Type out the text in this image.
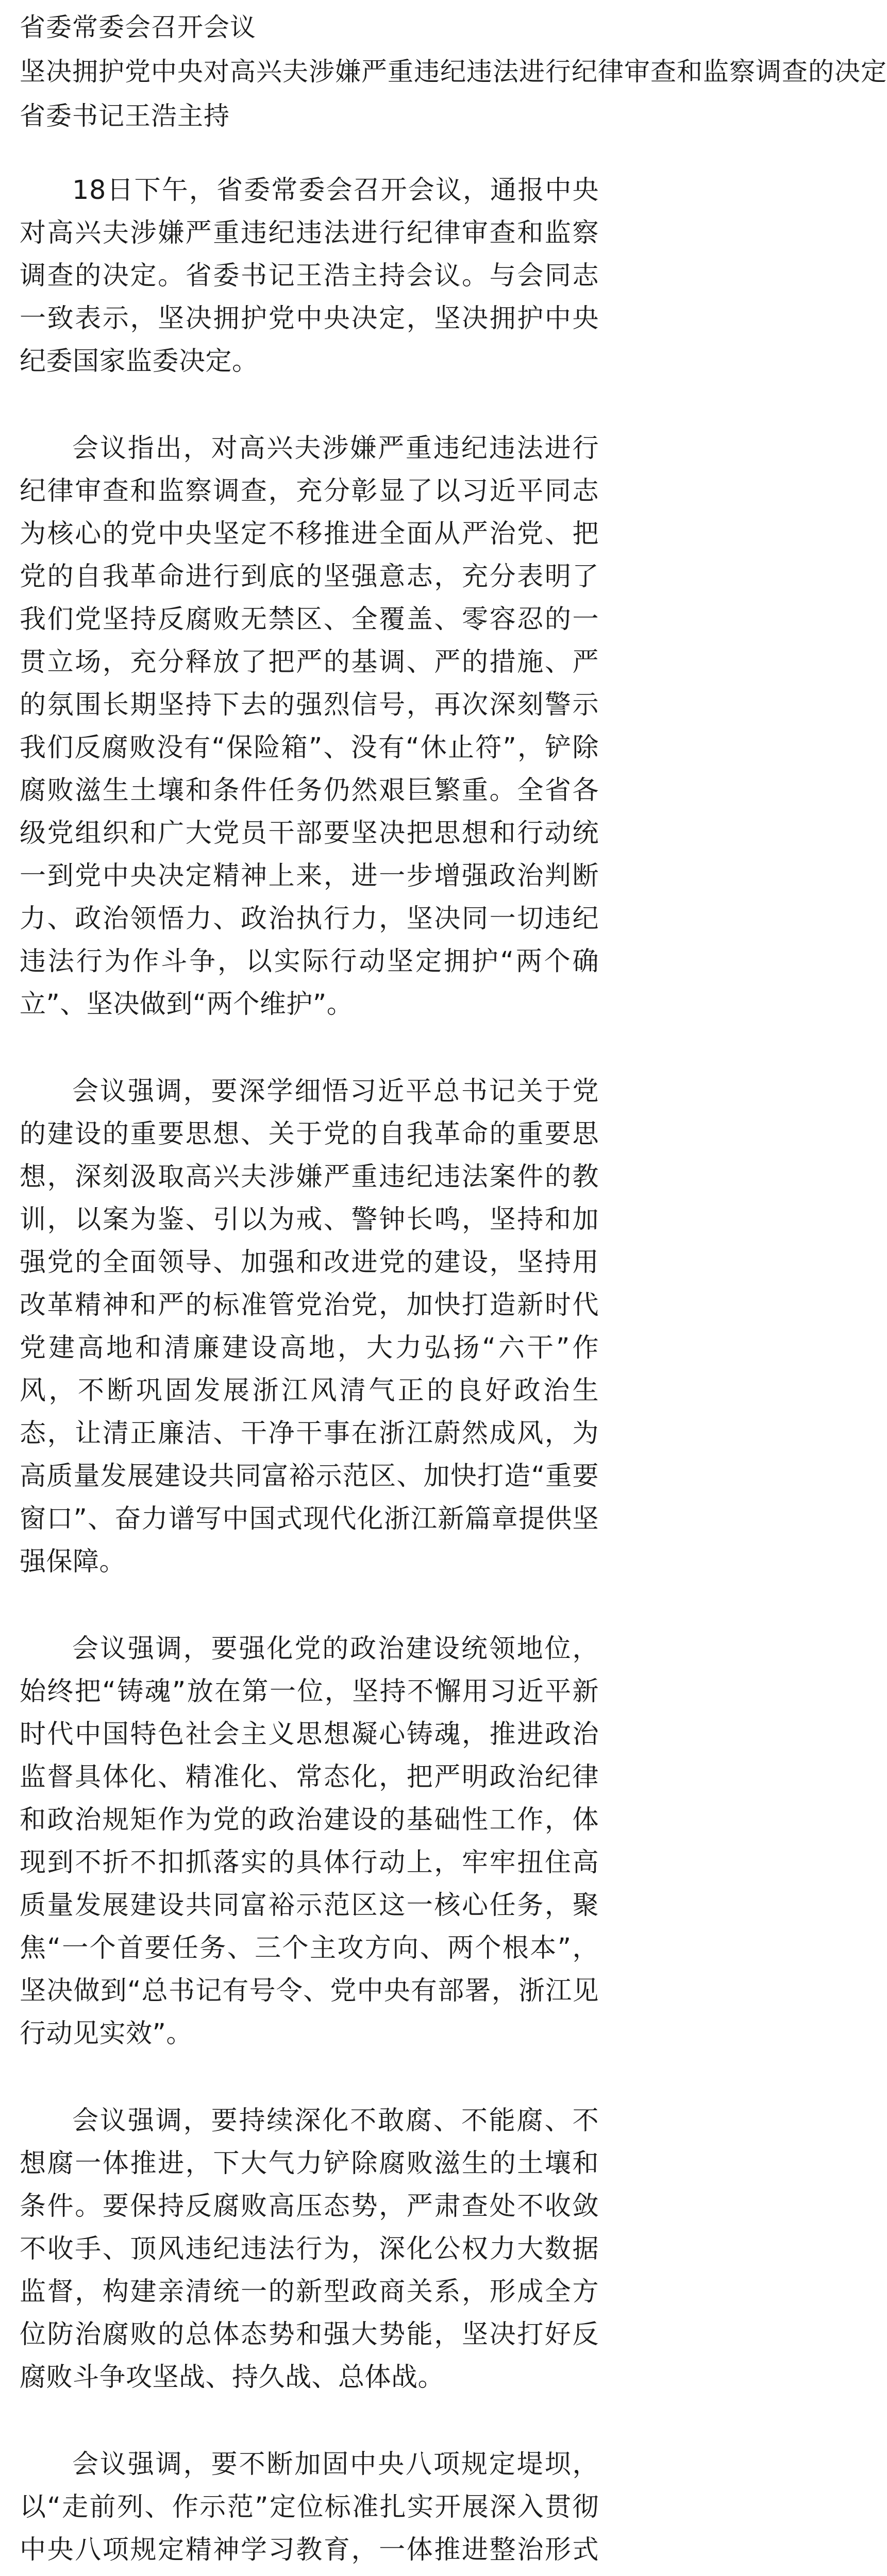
省委常委会召开会议
坚决拥护党中央对高兴夫涉嫌严重违纪违法进行纪律审查和监察调查的决定
省委书记王浩主持

18日下午，省委常委会召开会议，通报中央对高兴夫涉嫌严重违纪违法进行纪律审查和监察调查的决定。省委书记王浩主持会议。与会同志一致表示，坚决拥护党中央决定，坚决拥护中央纪委国家监委决定。

会议指出，对高兴夫涉嫌严重违纪违法进行纪律审查和监察调查，充分彰显了以习近平同志为核心的党中央坚定不移推进全面从严治党、把党的自我革命进行到底的坚强意志，充分表明了我们党坚持反腐败无禁区、全覆盖、零容忍的一贯立场，充分释放了把严的基调、严的措施、严的氛围长期坚持下去的强烈信号，再次深刻警示我们反腐败没有“保险箱”、没有“休止符”，铲除腐败滋生土壤和条件任务仍然艰巨繁重。全省各级党组织和广大党员干部要坚决把思想和行动统一到党中央决定精神上来，进一步增强政治判断力、政治领悟力、政治执行力，坚决同一切违纪违法行为作斗争，以实际行动坚定拥护“两个确立”、坚决做到“两个维护”。

会议强调，要深学细悟习近平总书记关于党的建设的重要思想、关于党的自我革命的重要思想，深刻汲取高兴夫涉嫌严重违纪违法案件的教训，以案为鉴、引以为戒、警钟长鸣，坚持和加强党的全面领导、加强和改进党的建设，坚持用改革精神和严的标准管党治党，加快打造新时代党建高地和清廉建设高地，大力弘扬“六干”作风，不断巩固发展浙江风清气正的良好政治生态，让清正廉洁、干净干事在浙江蔚然成风，为高质量发展建设共同富裕示范区、加快打造“重要窗口”、奋力谱写中国式现代化浙江新篇章提供坚强保障。

会议强调，要强化党的政治建设统领地位，始终把“铸魂”放在第一位，坚持不懈用习近平新时代中国特色社会主义思想凝心铸魂，推进政治监督具体化、精准化、常态化，把严明政治纪律和政治规矩作为党的政治建设的基础性工作，体现到不折不扣抓落实的具体行动上，牢牢扭住高质量发展建设共同富裕示范区这一核心任务，聚焦“一个首要任务、三个主攻方向、两个根本”，坚决做到“总书记有号令、党中央有部署，浙江见行动见实效”。

会议强调，要持续深化不敢腐、不能腐、不想腐一体推进，下大气力铲除腐败滋生的土壤和条件。要保持反腐败高压态势，严肃查处不收敛不收手、顶风违纪违法行为，深化公权力大数据监督，构建亲清统一的新型政商关系，形成全方位防治腐败的总体态势和强大势能，坚决打好反腐败斗争攻坚战、持久战、总体战。

会议强调，要不断加固中央八项规定堤坝，以“走前列、作示范”定位标准扎实开展深入贯彻中央八项规定精神学习教育，一体推进整治形式
